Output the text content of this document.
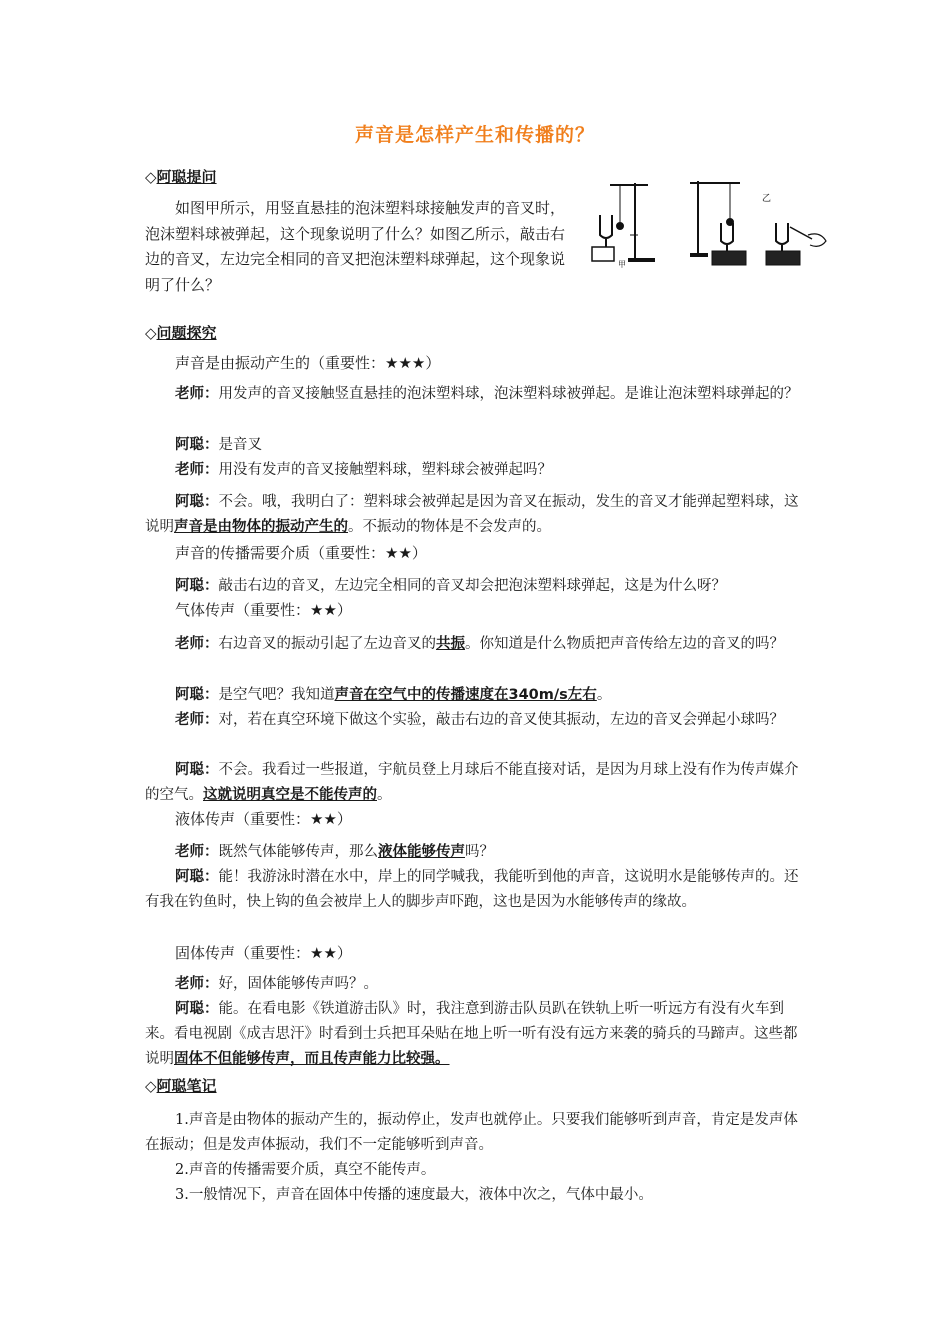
声音是怎样产生和传播的？
◇阿聪提问
如图甲所示，用竖直悬挂的泡沫塑料球接触发声的音叉时，泡沫塑料球被弹起，这个现象说明了什么？如图乙所示，敲击右边的音叉，左边完全相同的音叉把泡沫塑料球弹起，这个现象说明了什么？
甲
乙
◇问题探究
声音是由振动产生的（重要性：★★★）
老师：用发声的音叉接触竖直悬挂的泡沫塑料球，泡沫塑料球被弹起。是谁让泡沫塑料球弹起的？
阿聪：是音叉
老师：用没有发声的音叉接触塑料球，塑料球会被弹起吗？
阿聪：不会。哦，我明白了：塑料球会被弹起是因为音叉在振动，发生的音叉才能弹起塑料球，这说明声音是由物体的振动产生的。不振动的物体是不会发声的。
声音的传播需要介质（重要性：★★）
阿聪：敲击右边的音叉，左边完全相同的音叉却会把泡沫塑料球弹起，这是为什么呀？
气体传声（重要性：★★）
老师：右边音叉的振动引起了左边音叉的共振。你知道是什么物质把声音传给左边的音叉的吗？
阿聪：是空气吧？我知道声音在空气中的传播速度在340m/s左右。
老师：对，若在真空环境下做这个实验，敲击右边的音叉使其振动，左边的音叉会弹起小球吗？
阿聪：不会。我看过一些报道，宇航员登上月球后不能直接对话，是因为月球上没有作为传声媒介的空气。这就说明真空是不能传声的。
液体传声（重要性：★★）
老师：既然气体能够传声，那么液体能够传声吗？
阿聪：能！我游泳时潜在水中，岸上的同学喊我，我能听到他的声音，这说明水是能够传声的。还有我在钓鱼时，快上钩的鱼会被岸上人的脚步声吓跑，这也是因为水能够传声的缘故。
固体传声（重要性：★★）
老师：好，固体能够传声吗？。
阿聪：能。在看电影《铁道游击队》时，我注意到游击队员趴在铁轨上听一听远方有没有火车到来。看电视剧《成吉思汗》时看到士兵把耳朵贴在地上听一听有没有远方来袭的骑兵的马蹄声。这些都说明固体不但能够传声，而且传声能力比较强。
◇阿聪笔记
1.声音是由物体的振动产生的，振动停止，发声也就停止。只要我们能够听到声音，肯定是发声体在振动；但是发声体振动，我们不一定能够听到声音。
2.声音的传播需要介质，真空不能传声。
3.一般情况下，声音在固体中传播的速度最大，液体中次之，气体中最小。
